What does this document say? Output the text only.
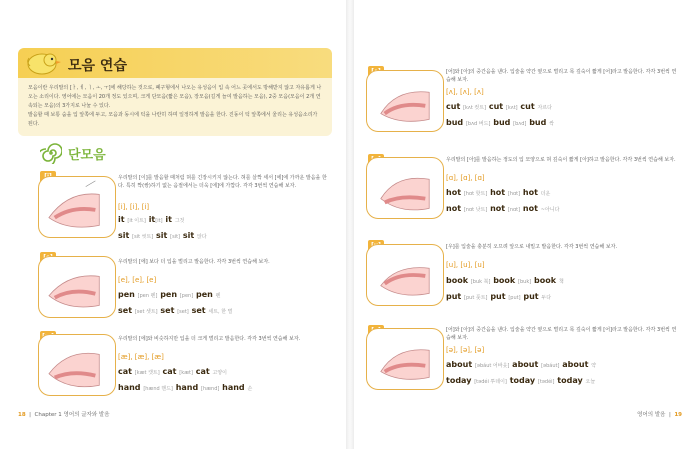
모음 연습

모음이란 우리말의 [ㅏ, ㅔ, ㅣ, ㅗ, ㅜ]에 해당하는 것으로, 폐구형에서 나오는 유성음이 입 속 어느 곳에서도 방해받지 않고 자유롭게 나오는 소리이다. 영어에는 모음이 20개 정도 있으며, 크게 단모음(짧은 모음), 장모음(길게 늘여 발음하는 모음), 2중 모음(모음이 2개 연속되는 모음)의 3가지로 나눌 수 있다.

발음할 때 보통 숨을 입 앞쪽에 두고, 모음과 동시에 턱을 나란히 하며 일정하게 발음을 한다. 진동이 턱 앞쪽에서 울리는 유성음소리가 된다.

단모음
우리말의 [이]를 발음할 때처럼 혀를 긴장시키지 않는다. 혀를 살짝 세서 [에]에 가까운 발음을 한다. 특히 짝(쌍)하기 없는 음절에서는 더욱 [에]에 가깝다. 각각 3번씩 연습해 보자.
[i], [i], [i]
it [it 이트] it[it] it 그것
sit [sit 씻트] sit [sit] sit 앉다
우리말의 [에] 보다 더 입을 벌리고 발음한다. 각각 3번씩 연습해 보자.
[e], [e], [e]
pen [pen 펜] pen [pen] pen 펜
set [set 셋트] set [set] set 세트, 한 벌
우리말의 [에]와 비슷하지만 입을 더 크게 벌리고 발음한다. 각각 3번씩 연습해 보자.
[æ], [æ], [æ]
cat [kæt 캣트] cat [kæt] cat 고양이
hand [hænd 핸드] hand [hænd] hand 손
18  |  Chapter 1 영어의 글자와 발음
[어]와 [아]의 중간음을 낸다. 입술을 약간 옆으로 벌리고 목 깊숙이 짧게 [어]라고 발음한다. 각각 3번씩 연습해 보자.
[ʌ], [ʌ], [ʌ]
cut [kʌt 컷트] cut [kʌt] cut 자르다
bud [bʌd 버드] bud [bʌd] bud 싹
우리말의 [아]를 발음하는 정도의 입 모양으로 혀 깊숙이 짧게 [아]하고 발음한다. 각각 3번씩 연습해 보자.
[ɑ], [ɑ], [ɑ]
hot [hɑt 핫트] hot [hɑt] hot 더운
not [nɑt 낫트] not [nɑt] not ~아니다
[우]를 입술을 충분히 오므려 앞으로 내밀고 발음한다. 각각 3번씩 연습해 보자.
[u], [u], [u]
book [buk 북] book [buk] book 책
put [put 풋트] put [put] put 두다
[어]와 [아]의 중간음을 낸다. 입술을 약간 옆으로 벌리고 목 깊숙이 짧게 [어]라고 발음한다. 각각 3번씩 연습해 보자.
[ə], [ə], [ə]
about [əbáut 어바웃] about [əbáut] about 약
today [tədéi 투데이] today [tədéi] today 오늘
영어의 발음  |  19
